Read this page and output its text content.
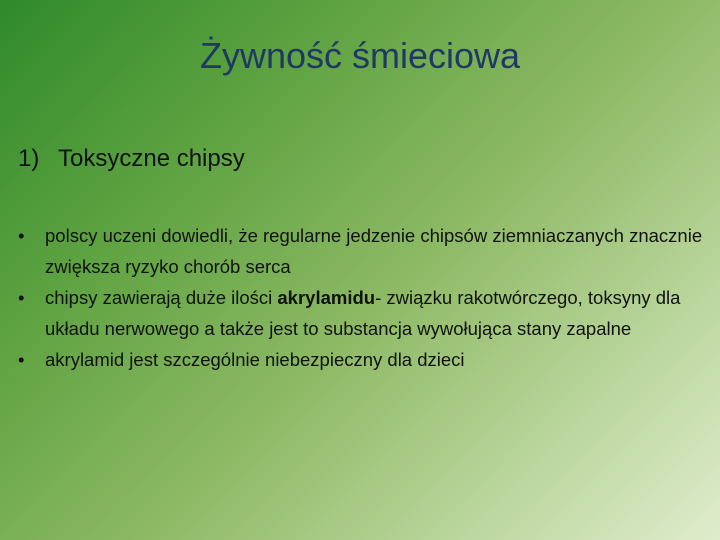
Żywność śmieciowa
1) Toksyczne chipsy
• polscy uczeni dowiedli, że regularne jedzenie chipsów ziemniaczanych znacznie zwiększa ryzyko chorób serca
• chipsy zawierają duże ilości akrylamidu- związku rakotwórczego, toksyny dla układu nerwowego a także jest to substancja wywołująca stany zapalne
• akrylamid jest szczególnie niebezpieczny dla dzieci
